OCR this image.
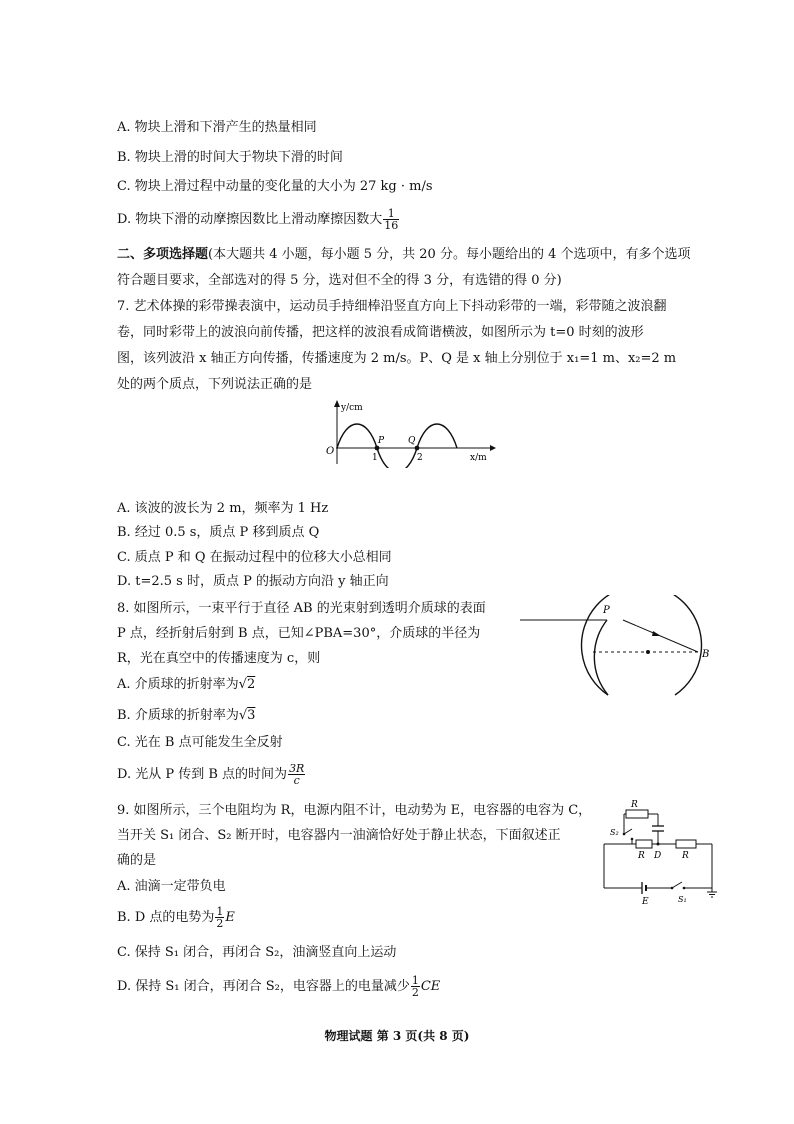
A. 物块上滑和下滑产生的热量相同
B. 物块上滑的时间大于物块下滑的时间
C. 物块上滑过程中动量的变化量的大小为 27 kg · m/s
D. 物块下滑的动摩擦因数比上滑动摩擦因数大 $\frac{1}{16}$
二、多项选择题(本大题共 4 小题，每小题 5 分，共 20 分。每小题给出的 4 个选项中，有多个选项
符合题目要求，全部选对的得 5 分，选对但不全的得 3 分，有选错的得 0 分)
7. 艺术体操的彩带操表演中，运动员手持细棒沿竖直方向上下抖动彩带的一端，彩带随之波浪翻
卷，同时彩带上的波浪向前传播，把这样的波浪看成简谐横波，如图所示为 t=0 时刻的波形
图，该列波沿 x 轴正方向传播，传播速度为 2 m/s。P、Q 是 x 轴上分别位于 x₁=1 m、x₂=2 m
处的两个质点，下列说法正确的是
y/cm
O
P	Q
1	2	x/m
A. 该波的波长为 2 m，频率为 1 Hz
B. 经过 0.5 s，质点 P 移到质点 Q
C. 质点 P 和 Q 在振动过程中的位移大小总相同
D. t=2.5 s 时，质点 P 的振动方向沿 y 轴正向
8. 如图所示，一束平行于直径 AB 的光束射到透明介质球的表面
P 点，经折射后射到 B 点，已知∠PBA=30°，介质球的半径为
R，光在真空中的传播速度为 c，则
P
B
A. 介质球的折射率为√2
B. 介质球的折射率为√3
C. 光在 B 点可能发生全反射
D. 光从 P 传到 B 点的时间为 $\frac{3R}{c}$
9. 如图所示，三个电阻均为 R，电源内阻不计，电动势为 E，电容器的电容为 C，
当开关 S₁ 闭合、S₂ 断开时，电容器内一油滴恰好处于静止状态，下面叙述正
确的是
R
S₂
R D R
E	S₁
A. 油滴一定带负电
B. D 点的电势为 $\frac{1}{2}$ E
C. 保持 S₁ 闭合，再闭合 S₂，油滴竖直向上运动
D. 保持 S₁ 闭合，再闭合 S₂，电容器上的电量减少 $\frac{1}{2}$ CE
物理试题 第 3 页(共 8 页)
